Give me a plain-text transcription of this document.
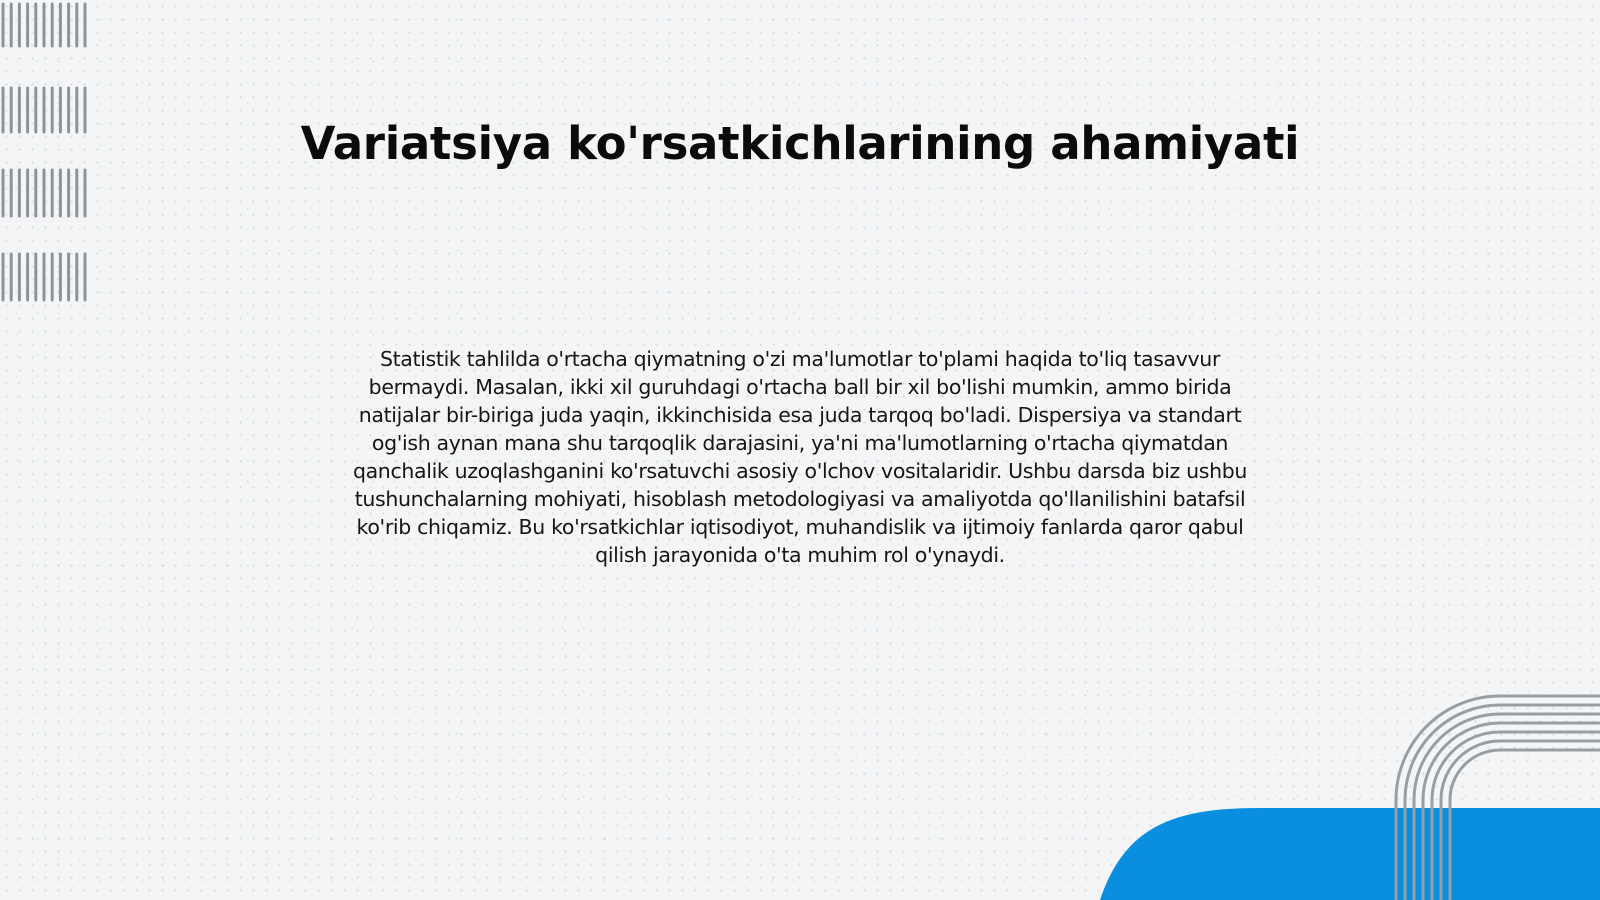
Variatsiya ko'rsatkichlarining ahamiyati

Statistik tahlilda o'rtacha qiymatning o'zi ma'lumotlar to'plami haqida to'liq tasavvur bermaydi. Masalan, ikki xil guruhdagi o'rtacha ball bir xil bo'lishi mumkin, ammo birida natijalar bir-biriga juda yaqin, ikkinchisida esa juda tarqoq bo'ladi. Dispersiya va standart og'ish aynan mana shu tarqoqlik darajasini, ya'ni ma'lumotlarning o'rtacha qiymatdan qanchalik uzoqlashganini ko'rsatuvchi asosiy o'lchov vositalaridir. Ushbu darsda biz ushbu tushunchalarning mohiyati, hisoblash metodologiyasi va amaliyotda qo'llanilishini batafsil ko'rib chiqamiz. Bu ko'rsatkichlar iqtisodiyot, muhandislik va ijtimoiy fanlarda qaror qabul qilish jarayonida o'ta muhim rol o'ynaydi.
